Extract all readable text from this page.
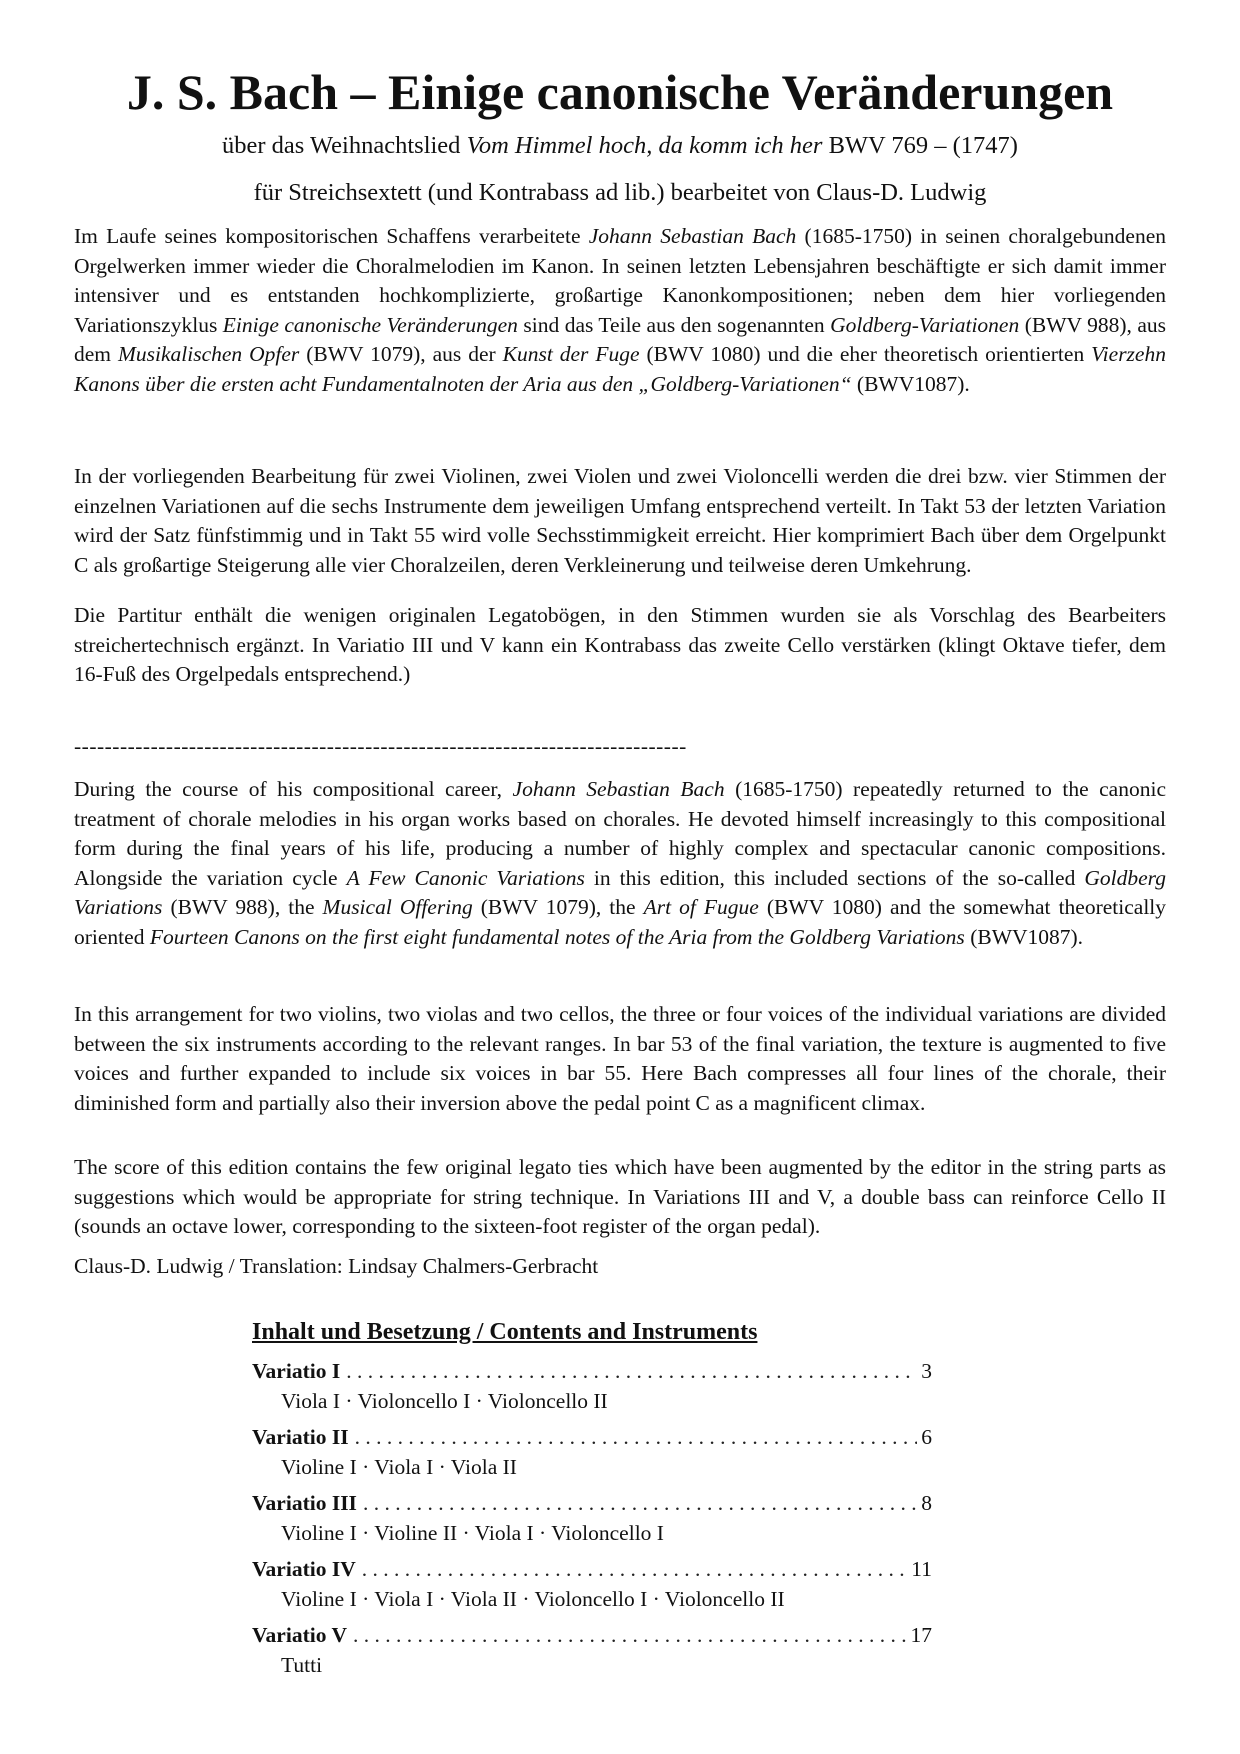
J. S. Bach – Einige canonische Veränderungen

über das Weihnachtslied Vom Himmel hoch, da komm ich her BWV 769 – (1747)

für Streichsextett (und Kontrabass ad lib.) bearbeitet von Claus-D. Ludwig

Im Laufe seines kompositorischen Schaffens verarbeitete Johann Sebastian Bach (1685-1750) in seinen choralgebundenen Orgelwerken immer wieder die Choralmelodien im Kanon. In seinen letzten Lebensjahren beschäftigte er sich damit immer intensiver und es entstanden hochkomplizierte, großartige Kanonkompositionen; neben dem hier vorliegenden Variationszyklus Einige canonische Veränderungen sind das Teile aus den sogenannten Goldberg-Variationen (BWV 988), aus dem Musikalischen Opfer (BWV 1079), aus der Kunst der Fuge (BWV 1080) und die eher theoretisch orientierten Vierzehn Kanons über die ersten acht Fundamentalnoten der Aria aus den „Goldberg-Variationen“ (BWV1087).

In der vorliegenden Bearbeitung für zwei Violinen, zwei Violen und zwei Violoncelli werden die drei bzw. vier Stimmen der einzelnen Variationen auf die sechs Instrumente dem jeweiligen Umfang entsprechend verteilt. In Takt 53 der letzten Variation wird der Satz fünfstimmig und in Takt 55 wird volle Sechsstimmigkeit erreicht. Hier komprimiert Bach über dem Orgelpunkt C als großartige Steigerung alle vier Choralzeilen, deren Verkleinerung und teilweise deren Umkehrung.

Die Partitur enthält die wenigen originalen Legatobögen, in den Stimmen wurden sie als Vorschlag des Bearbeiters streichertechnisch ergänzt. In Variatio III und V kann ein Kontrabass das zweite Cello verstärken (klingt Oktave tiefer, dem 16-Fuß des Orgelpedals entsprechend.)

--------------------------------------------------------------------------------

During the course of his compositional career, Johann Sebastian Bach (1685-1750) repeatedly returned to the canonic treatment of chorale melodies in his organ works based on chorales. He devoted himself increasingly to this compositional form during the final years of his life, producing a number of highly complex and spectacular canonic compositions. Alongside the variation cycle A Few Canonic Variations in this edition, this included sections of the so-called Goldberg Variations (BWV 988), the Musical Offering (BWV 1079), the Art of Fugue (BWV 1080) and the somewhat theoretically oriented Fourteen Canons on the first eight fundamental notes of the Aria from the Goldberg Variations (BWV1087).

In this arrangement for two violins, two violas and two cellos, the three or four voices of the individual variations are divided between the six instruments according to the relevant ranges. In bar 53 of the final variation, the texture is augmented to five voices and further expanded to include six voices in bar 55. Here Bach compresses all four lines of the chorale, their diminished form and partially also their inversion above the pedal point C as a magnificent climax.

The score of this edition contains the few original legato ties which have been augmented by the editor in the string parts as suggestions which would be appropriate for string technique. In Variations III and V, a double bass can reinforce Cello II (sounds an octave lower, corresponding to the sixteen-foot register of the organ pedal).

Claus-D. Ludwig / Translation: Lindsay Chalmers-Gerbracht

Inhalt und Besetzung / Contents and Instruments

Variatio I . . .	3
Viola I · Violoncello I · Violoncello II
Variatio II . . .	6
Violine I · Viola I · Viola II
Variatio III . . .	8
Violine I · Violine II · Viola I · Violoncello I
Variatio IV . . .	11
Violine I · Viola I · Viola II · Violoncello I · Violoncello II
Variatio V . . .	17
Tutti
